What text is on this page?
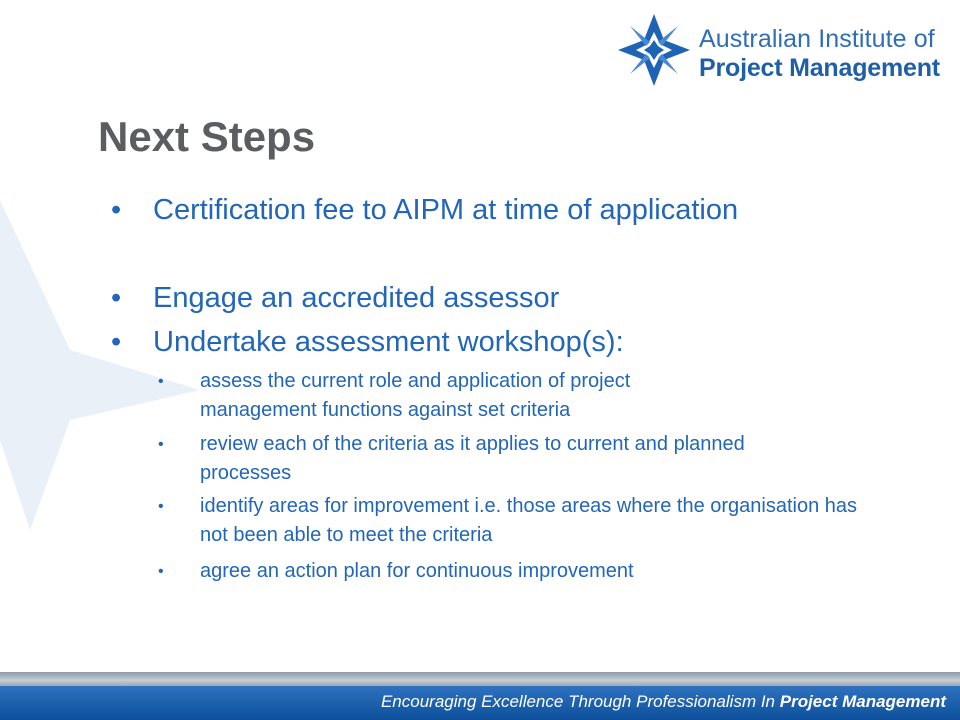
Australian Institute of
Project Management
Next Steps
• Certification fee to AIPM at time of application
• Engage an accredited assessor
• Undertake assessment workshop(s):
• assess the current role and application of project management functions against set criteria
• review each of the criteria as it applies to current and planned processes
• identify areas for improvement i.e. those areas where the organisation has not been able to meet the criteria
• agree an action plan for continuous improvement
Encouraging Excellence Through Professionalism In Project Management
